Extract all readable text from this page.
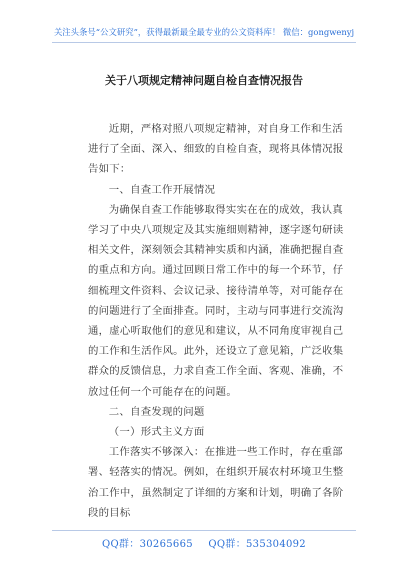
关注头条号“公文研究”，获得最新最全最专业的公文资料库！ 微信：gongwenyj
关于八项规定精神问题自检自查情况报告

近期，严格对照八项规定精神，对自身工作和生活进行了全面、深入、细致的自检自查，现将具体情况报告如下：

一、自查工作开展情况

为确保自查工作能够取得实实在在的成效，我认真学习了中央八项规定及其实施细则精神，逐字逐句研读相关文件，深刻领会其精神实质和内涵，准确把握自查的重点和方向。通过回顾日常工作中的每一个环节，仔细梳理文件资料、会议记录、接待清单等，对可能存在的问题进行了全面排查。同时，主动与同事进行交流沟通，虚心听取他们的意见和建议，从不同角度审视自己的工作和生活作风。此外，还设立了意见箱，广泛收集群众的反馈信息，力求自查工作全面、客观、准确，不放过任何一个可能存在的问题。

二、自查发现的问题

（一）形式主义方面

工作落实不够深入：在推进一些工作时，存在重部署、轻落实的情况。例如，在组织开展农村环境卫生整治工作中，虽然制定了详细的方案和计划，明确了各阶段的目标

QQ群：30265665 QQ群：535304092
